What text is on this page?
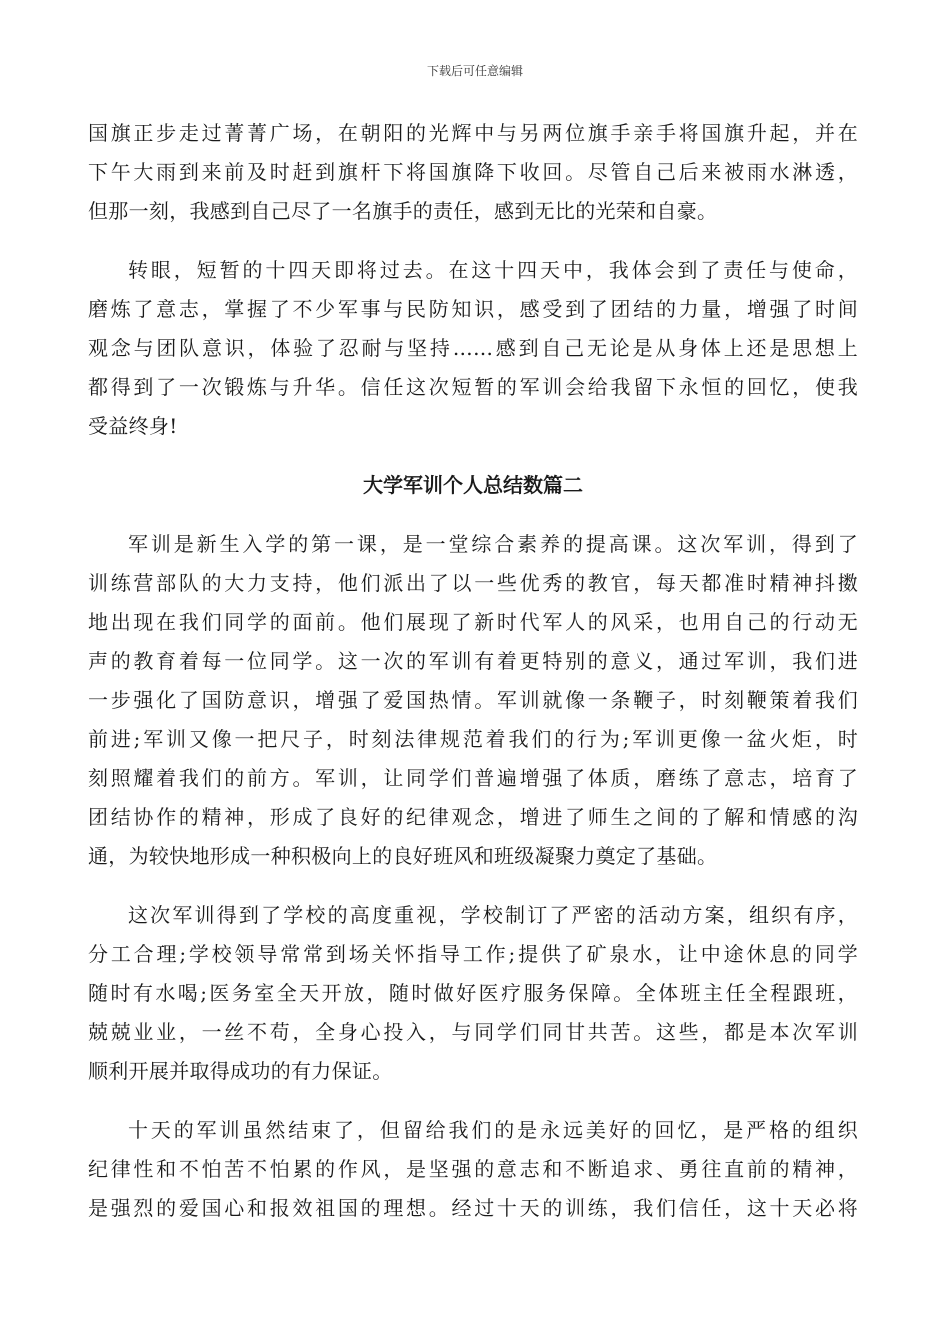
下载后可任意编辑
国旗正步走过菁菁广场，在朝阳的光辉中与另两位旗手亲手将国旗升起，并在
下午大雨到来前及时赶到旗杆下将国旗降下收回。尽管自己后来被雨水淋透，
但那一刻，我感到自己尽了一名旗手的责任，感到无比的光荣和自豪。
转眼，短暂的十四天即将过去。在这十四天中，我体会到了责任与使命，
磨炼了意志，掌握了不少军事与民防知识，感受到了团结的力量，增强了时间
观念与团队意识，体验了忍耐与坚持……感到自己无论是从身体上还是思想上
都得到了一次锻炼与升华。信任这次短暂的军训会给我留下永恒的回忆，使我
受益终身!
大学军训个人总结数篇二
军训是新生入学的第一课，是一堂综合素养的提高课。这次军训，得到了
训练营部队的大力支持，他们派出了以一些优秀的教官，每天都准时精神抖擞
地出现在我们同学的面前。他们展现了新时代军人的风采，也用自己的行动无
声的教育着每一位同学。这一次的军训有着更特别的意义，通过军训，我们进
一步强化了国防意识，增强了爱国热情。军训就像一条鞭子，时刻鞭策着我们
前进;军训又像一把尺子，时刻法律规范着我们的行为;军训更像一盆火炬，时
刻照耀着我们的前方。军训，让同学们普遍增强了体质，磨练了意志，培育了
团结协作的精神，形成了良好的纪律观念，增进了师生之间的了解和情感的沟
通，为较快地形成一种积极向上的良好班风和班级凝聚力奠定了基础。
这次军训得到了学校的高度重视，学校制订了严密的活动方案，组织有序，
分工合理;学校领导常常到场关怀指导工作;提供了矿泉水，让中途休息的同学
随时有水喝;医务室全天开放，随时做好医疗服务保障。全体班主任全程跟班，
兢兢业业，一丝不苟，全身心投入，与同学们同甘共苦。这些，都是本次军训
顺利开展并取得成功的有力保证。
十天的军训虽然结束了，但留给我们的是永远美好的回忆，是严格的组织
纪律性和不怕苦不怕累的作风，是坚强的意志和不断追求、勇往直前的精神，
是强烈的爱国心和报效祖国的理想。经过十天的训练，我们信任，这十天必将
